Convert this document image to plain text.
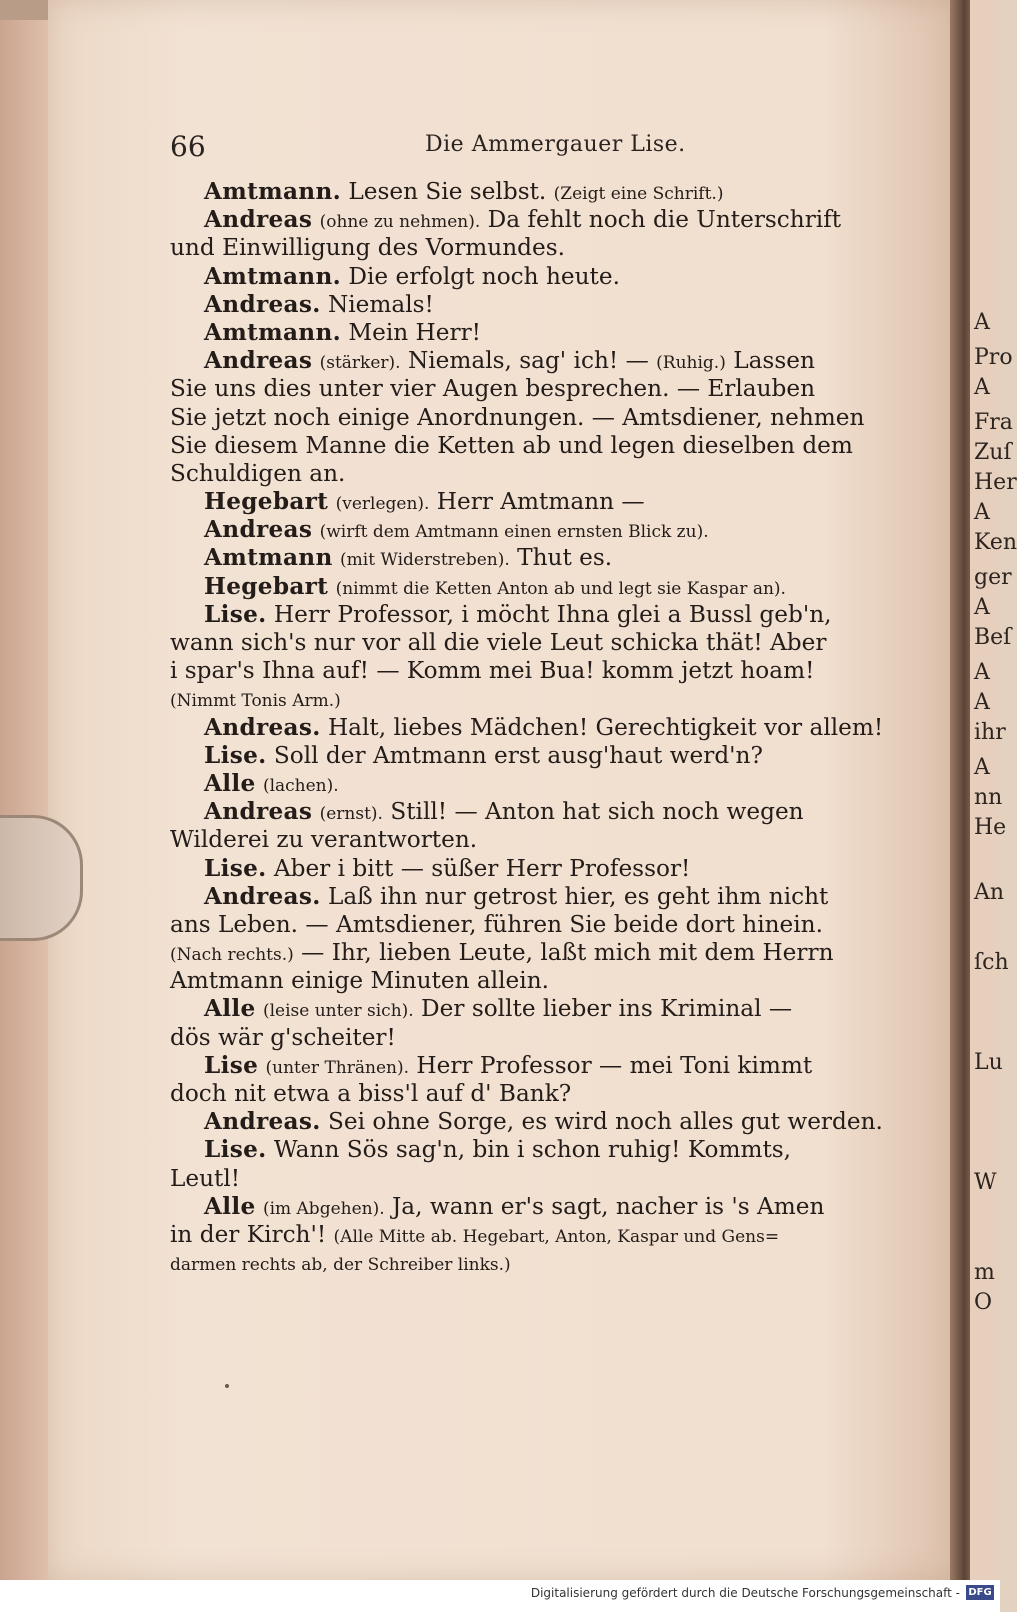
A
Pro
A
Fra
Zuſ
Her
A
Ken
ger
A
Beſ
A
A
ihr
A
nn
He
An
ſch
Lu
W
m
O
66	Die Ammergauer Lise.
Amtmann. Lesen Sie selbst. (Zeigt eine Schrift.)
Andreas (ohne zu nehmen). Da fehlt noch die Unterschrift
und Einwilligung des Vormundes.
Amtmann. Die erfolgt noch heute.
Andreas. Niemals!
Amtmann. Mein Herr!
Andreas (stärker). Niemals, sag' ich! — (Ruhig.) Lassen
Sie uns dies unter vier Augen besprechen. — Erlauben
Sie jetzt noch einige Anordnungen. — Amtsdiener, nehmen
Sie diesem Manne die Ketten ab und legen dieselben dem
Schuldigen an.
Hegebart (verlegen). Herr Amtmann —
Andreas (wirft dem Amtmann einen ernsten Blick zu).
Amtmann (mit Widerstreben). Thut es.
Hegebart (nimmt die Ketten Anton ab und legt sie Kaspar an).
Lise. Herr Professor, i möcht Ihna glei a Bussl geb'n,
wann sich's nur vor all die viele Leut schicka thät! Aber
i spar's Ihna auf! — Komm mei Bua! komm jetzt hoam!
(Nimmt Tonis Arm.)
Andreas. Halt, liebes Mädchen! Gerechtigkeit vor allem!
Lise. Soll der Amtmann erst ausg'haut werd'n?
Alle (lachen).
Andreas (ernst). Still! — Anton hat sich noch wegen
Wilderei zu verantworten.
Lise. Aber i bitt — süßer Herr Professor!
Andreas. Laß ihn nur getrost hier, es geht ihm nicht
ans Leben. — Amtsdiener, führen Sie beide dort hinein.
(Nach rechts.) — Ihr, lieben Leute, laßt mich mit dem Herrn
Amtmann einige Minuten allein.
Alle (leise unter sich). Der sollte lieber ins Kriminal —
dös wär g'scheiter!
Lise (unter Thränen). Herr Professor — mei Toni kimmt
doch nit etwa a biss'l auf d' Bank?
Andreas. Sei ohne Sorge, es wird noch alles gut werden.
Lise. Wann Sös sag'n, bin i schon ruhig! Kommts,
Leutl!
Alle (im Abgehen). Ja, wann er's sagt, nacher is 's Amen
in der Kirch'! (Alle Mitte ab. Hegebart, Anton, Kaspar und Gens=
darmen rechts ab, der Schreiber links.)
Digitalisierung gefördert durch die Deutsche Forschungsgemeinschaft - DFG
